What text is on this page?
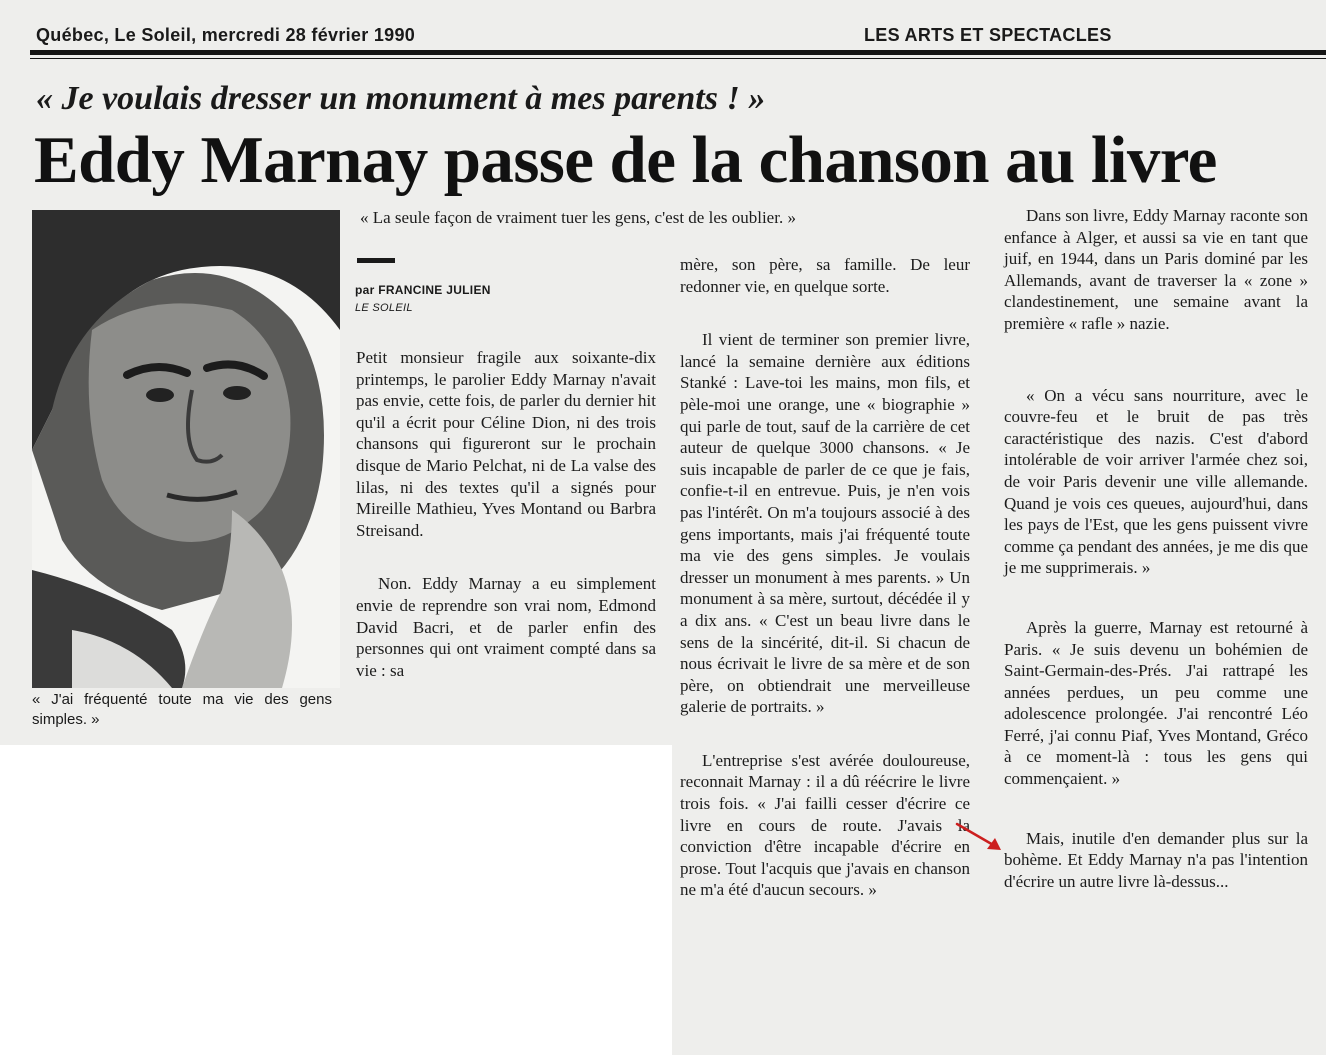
Québec, Le Soleil, mercredi 28 février 1990	LES ARTS ET SPECTACLES
« Je voulais dresser un monument à mes parents ! »
Eddy Marnay passe de la chanson au livre
« J'ai fréquenté toute ma vie des gens simples. »
« La seule façon de vraiment tuer les gens, c'est de les oublier. »
par FRANCINE JULIEN
LE SOLEIL
Petit monsieur fragile aux soixante-dix printemps, le parolier Eddy Marnay n'avait pas envie, cette fois, de parler du dernier hit qu'il a écrit pour Céline Dion, ni des trois chansons qui figureront sur le prochain disque de Mario Pelchat, ni de La valse des lilas, ni des textes qu'il a signés pour Mireille Mathieu, Yves Montand ou Barbra Streisand.
Non. Eddy Marnay a eu simplement envie de reprendre son vrai nom, Edmond David Bacri, et de parler enfin des personnes qui ont vraiment compté dans sa vie : sa
mère, son père, sa famille. De leur redonner vie, en quelque sorte.
Il vient de terminer son premier livre, lancé la semaine dernière aux éditions Stanké : Lave-toi les mains, mon fils, et pèle-moi une orange, une « biographie » qui parle de tout, sauf de la carrière de cet auteur de quelque 3000 chansons. « Je suis incapable de parler de ce que je fais, confie-t-il en entrevue. Puis, je n'en vois pas l'intérêt. On m'a toujours associé à des gens importants, mais j'ai fréquenté toute ma vie des gens simples. Je voulais dresser un monument à mes parents. » Un monument à sa mère, surtout, décédée il y a dix ans. « C'est un beau livre dans le sens de la sincérité, dit-il. Si chacun de nous écrivait le livre de sa mère et de son père, on obtiendrait une merveilleuse galerie de portraits. »
L'entreprise s'est avérée douloureuse, reconnait Marnay : il a dû réécrire le livre trois fois. « J'ai failli cesser d'écrire ce livre en cours de route. J'avais la conviction d'être incapable d'écrire en prose. Tout l'acquis que j'avais en chanson ne m'a été d'aucun secours. »
Dans son livre, Eddy Marnay raconte son enfance à Alger, et aussi sa vie en tant que juif, en 1944, dans un Paris dominé par les Allemands, avant de traverser la « zone » clandestinement, une semaine avant la première « rafle » nazie.
« On a vécu sans nourriture, avec le couvre-feu et le bruit de pas très caractéristique des nazis. C'est d'abord intolérable de voir arriver l'armée chez soi, de voir Paris devenir une ville allemande. Quand je vois ces queues, aujourd'hui, dans les pays de l'Est, que les gens puissent vivre comme ça pendant des années, je me dis que je me supprimerais. »
Après la guerre, Marnay est retourné à Paris. « Je suis devenu un bohémien de Saint-Germain-des-Prés. J'ai rattrapé les années perdues, un peu comme une adolescence prolongée. J'ai rencontré Léo Ferré, j'ai connu Piaf, Yves Montand, Gréco à ce moment-là : tous les gens qui commençaient. »
Mais, inutile d'en demander plus sur la bohème. Et Eddy Marnay n'a pas l'intention d'écrire un autre livre là-dessus...
